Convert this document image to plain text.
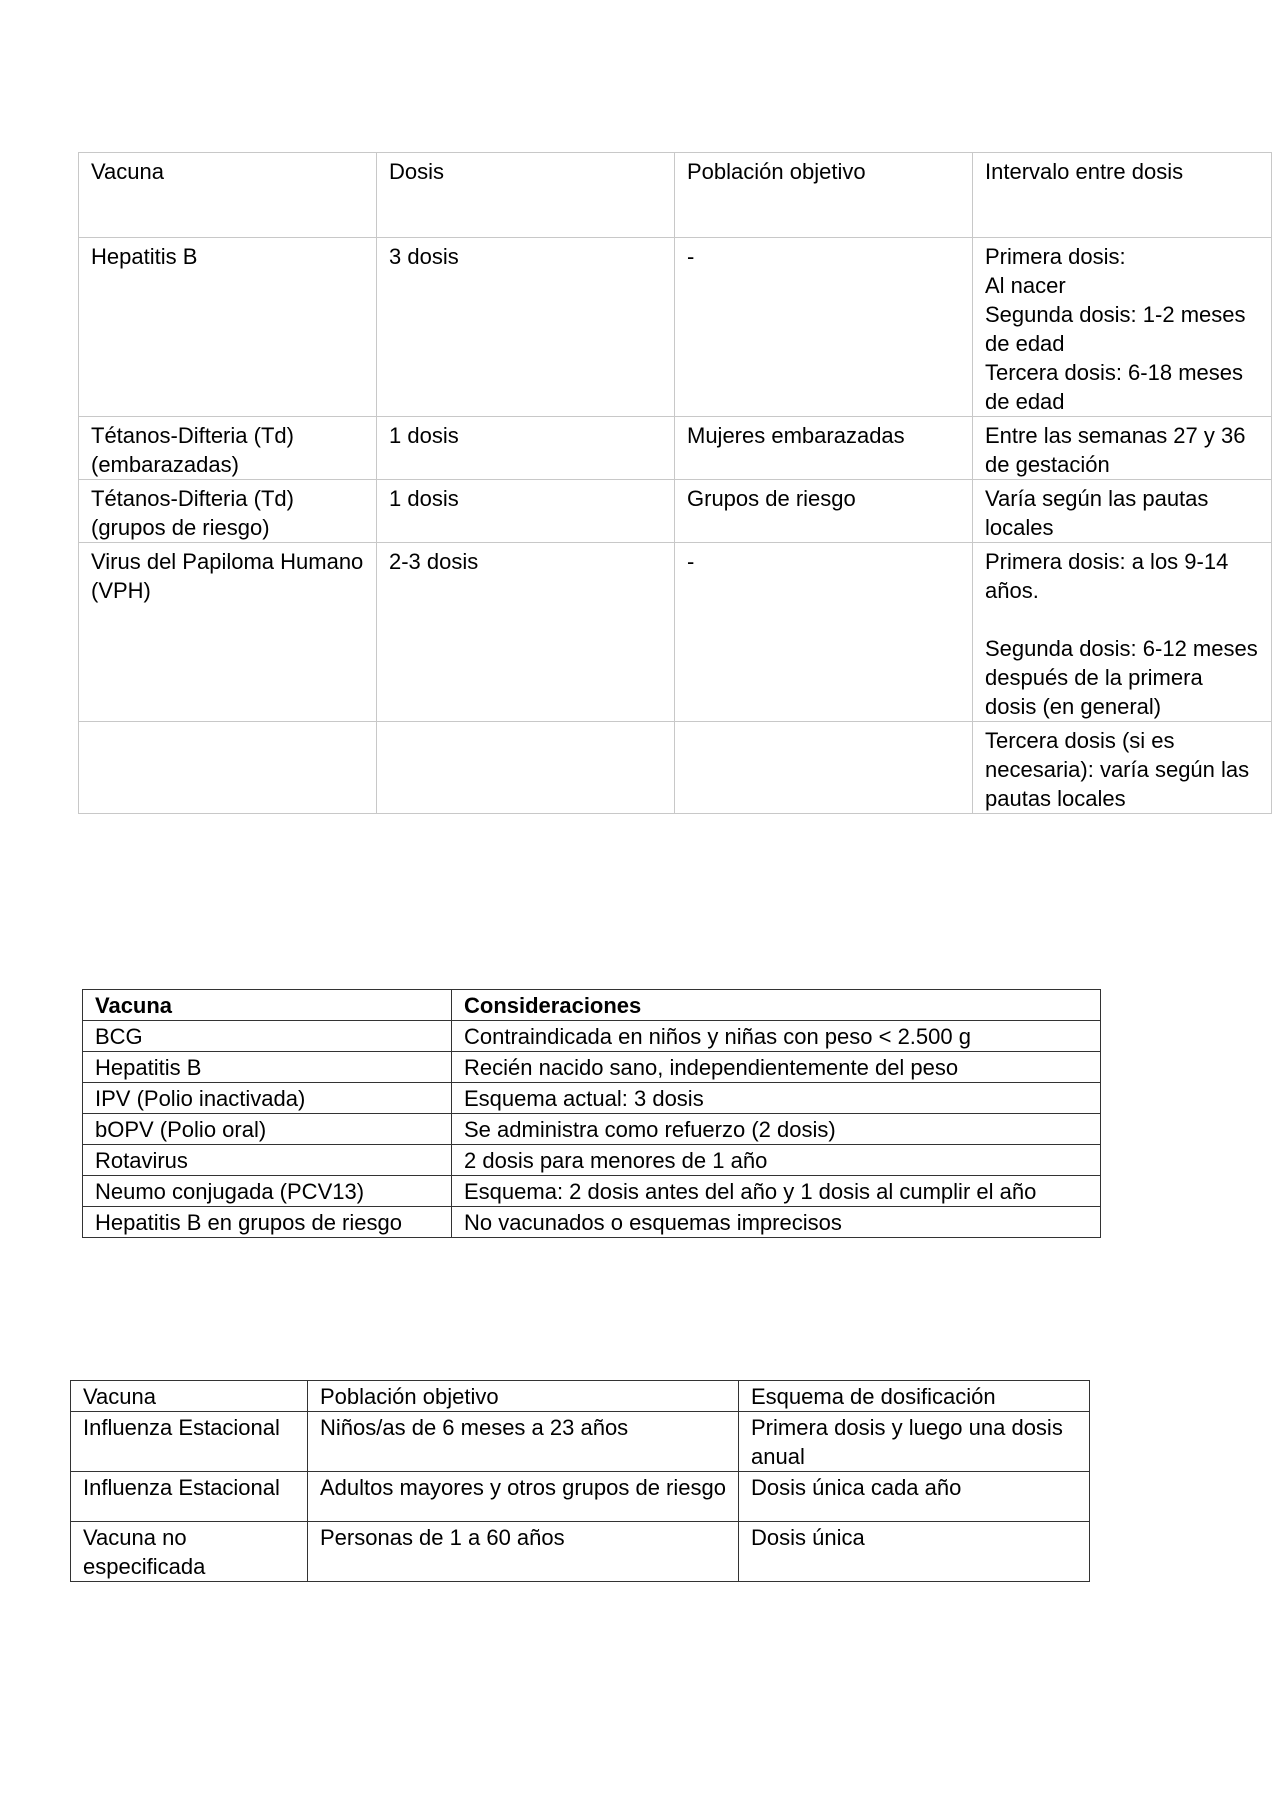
Vacuna	Dosis	Población objetivo	Intervalo entre dosis
Hepatitis B	3 dosis	-	Primera dosis:
Al nacer
Segunda dosis: 1-2 meses de edad
Tercera dosis: 6-18 meses de edad

Tétanos-Difteria (Td) (embarazadas)	1 dosis	Mujeres embarazadas	Entre las semanas 27 y 36 de gestación

Tétanos-Difteria (Td) (grupos de riesgo)	1 dosis	Grupos de riesgo	Varía según las pautas locales

Virus del Papiloma Humano (VPH)	2-3 dosis	-	Primera dosis: a los 9-14 años.
Segunda dosis: 6-12 meses después de la primera dosis (en general)

			Tercera dosis (si es necesaria): varía según las pautas locales
Vacuna	Consideraciones
BCG	Contraindicada en niños y niñas con peso < 2.500 g
Hepatitis B	Recién nacido sano, independientemente del peso
IPV (Polio inactivada)	Esquema actual: 3 dosis
bOPV (Polio oral)	Se administra como refuerzo (2 dosis)
Rotavirus	2 dosis para menores de 1 año
Neumo conjugada (PCV13)	Esquema: 2 dosis antes del año y 1 dosis al cumplir el año
Hepatitis B en grupos de riesgo	No vacunados o esquemas imprecisos
Vacuna	Población objetivo	Esquema de dosificación
Influenza Estacional	Niños/as de 6 meses a 23 años	Primera dosis y luego una dosis anual
Influenza Estacional	Adultos mayores y otros grupos de riesgo	Dosis única cada año
Vacuna no especificada	Personas de 1 a 60 años	Dosis única
